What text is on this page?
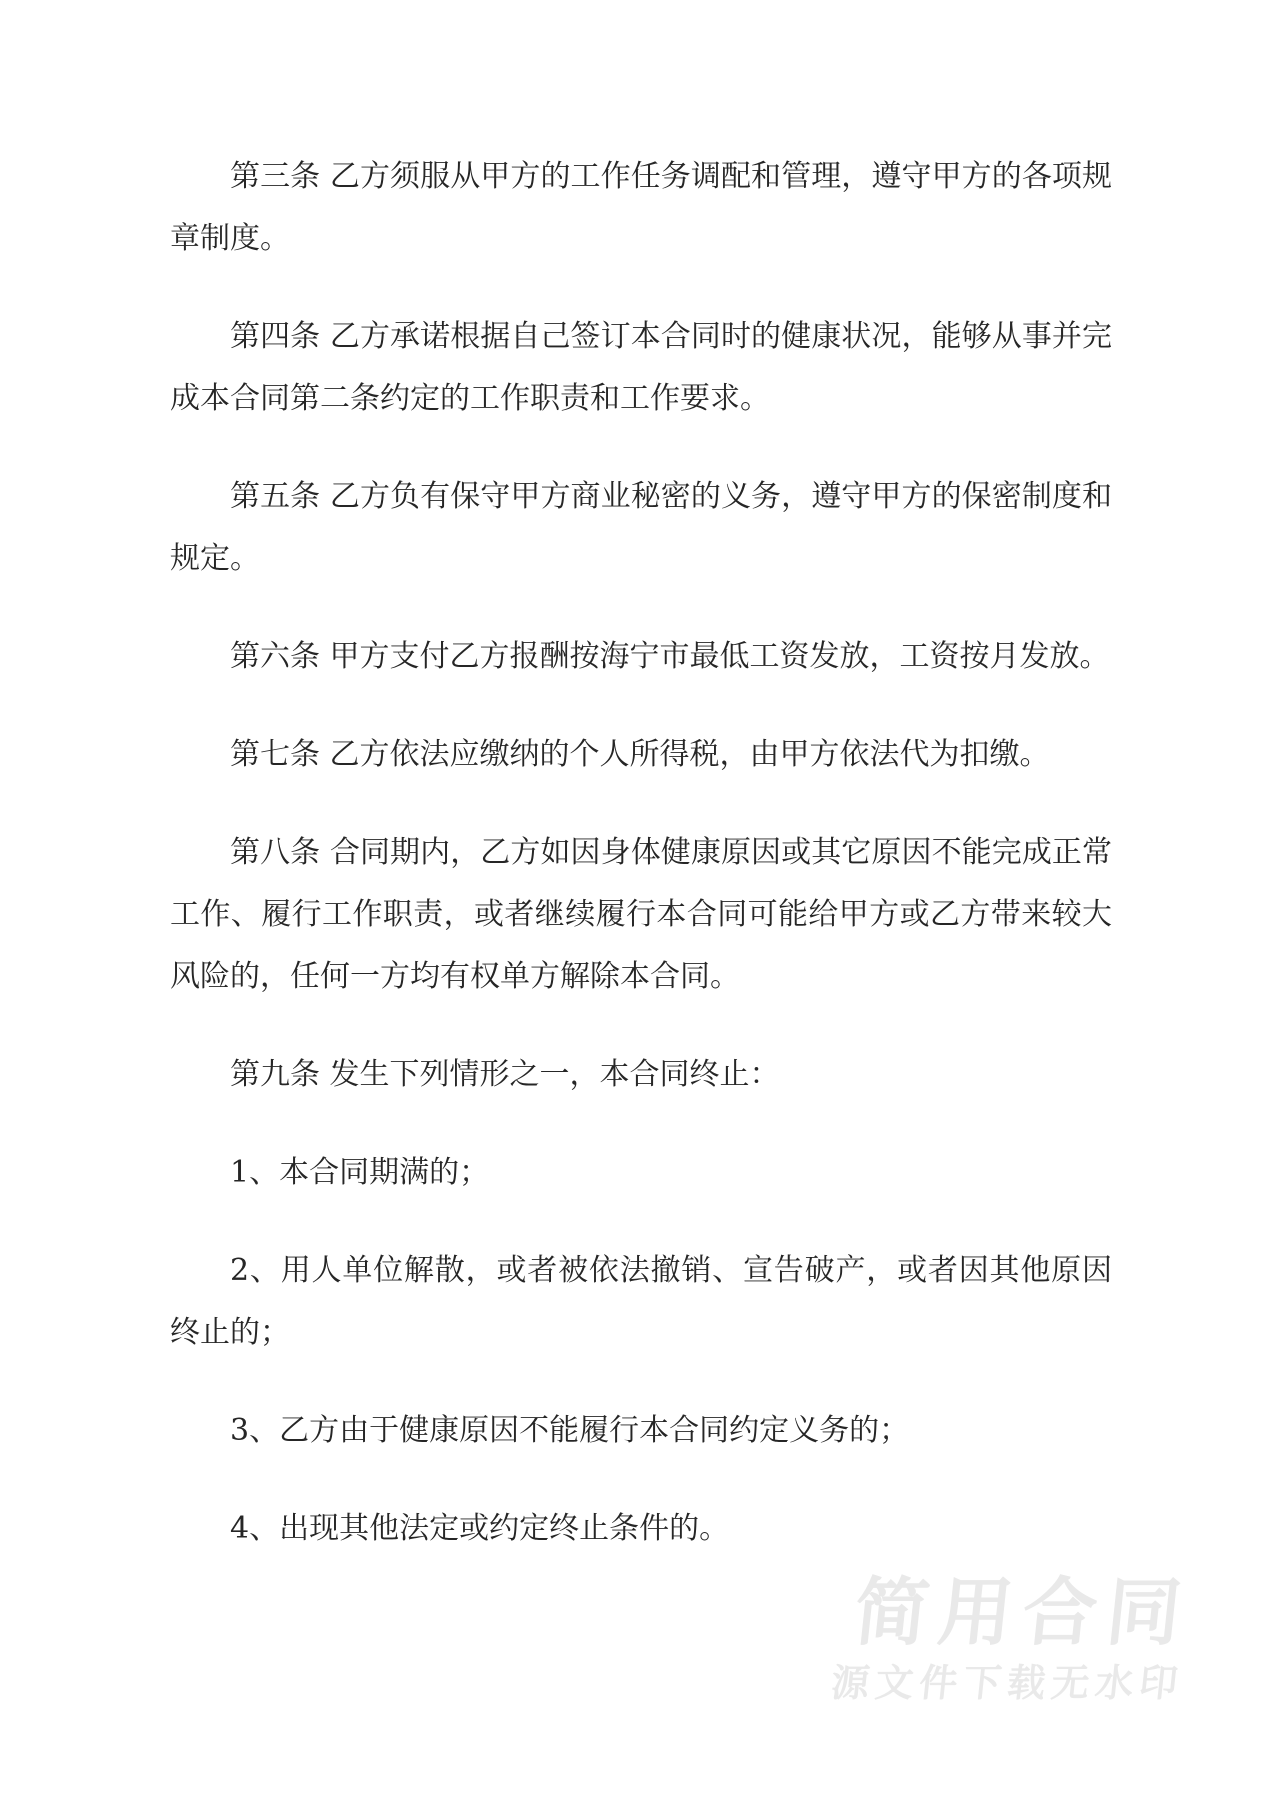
第三条 乙方须服从甲方的工作任务调配和管理，遵守甲方的各项规章制度。

第四条 乙方承诺根据自己签订本合同时的健康状况，能够从事并完成本合同第二条约定的工作职责和工作要求。

第五条 乙方负有保守甲方商业秘密的义务，遵守甲方的保密制度和规定。

第六条 甲方支付乙方报酬按海宁市最低工资发放，工资按月发放。

第七条 乙方依法应缴纳的个人所得税，由甲方依法代为扣缴。

第八条 合同期内，乙方如因身体健康原因或其它原因不能完成正常工作、履行工作职责，或者继续履行本合同可能给甲方或乙方带来较大风险的，任何一方均有权单方解除本合同。

第九条 发生下列情形之一，本合同终止：

1、本合同期满的；

2、用人单位解散，或者被依法撤销、宣告破产，或者因其他原因终止的；

3、乙方由于健康原因不能履行本合同约定义务的；

4、出现其他法定或约定终止条件的。

简用合同
源文件下载无水印
